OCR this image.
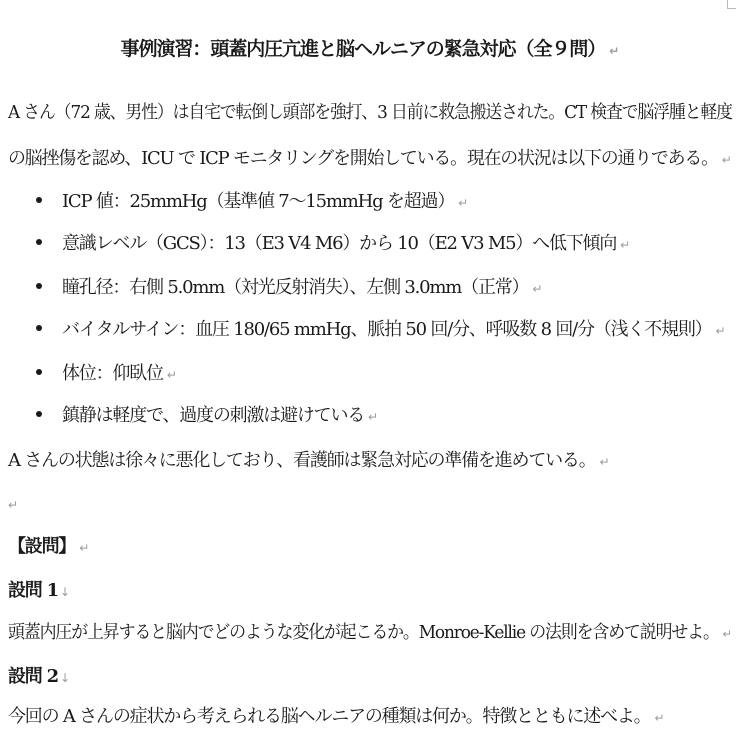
事例演習：頭蓋内圧亢進と脳ヘルニアの緊急対応（全９問） ↵
A さん（72 歳、男性）は自宅で転倒し頭部を強打、3 日前に救急搬送された。CT 検査で脳浮腫と軽度
の脳挫傷を認め、ICU で ICP モニタリングを開始している。現在の状況は以下の通りである。 ↵
ICP 値：25mmHg（基準値 7～15mmHg を超過） ↵
意識レベル（GCS）：13（E3 V4 M6）から 10（E2 V3 M5）へ低下傾向 ↵
瞳孔径：右側 5.0mm（対光反射消失）、左側 3.0mm（正常） ↵
バイタルサイン：血圧 180/65 mmHg、脈拍 50 回/分、呼吸数 8 回/分（浅く不規則） ↵
体位：仰臥位 ↵
鎮静は軽度で、過度の刺激は避けている ↵
A さんの状態は徐々に悪化しており、看護師は緊急対応の準備を進めている。 ↵
↵
【設問】 ↵
設問 1 ↓
頭蓋内圧が上昇すると脳内でどのような変化が起こるか。Monroe-Kellie の法則を含めて説明せよ。 ↵
設問 2 ↓
今回の A さんの症状から考えられる脳ヘルニアの種類は何か。特徴とともに述べよ。 ↵
